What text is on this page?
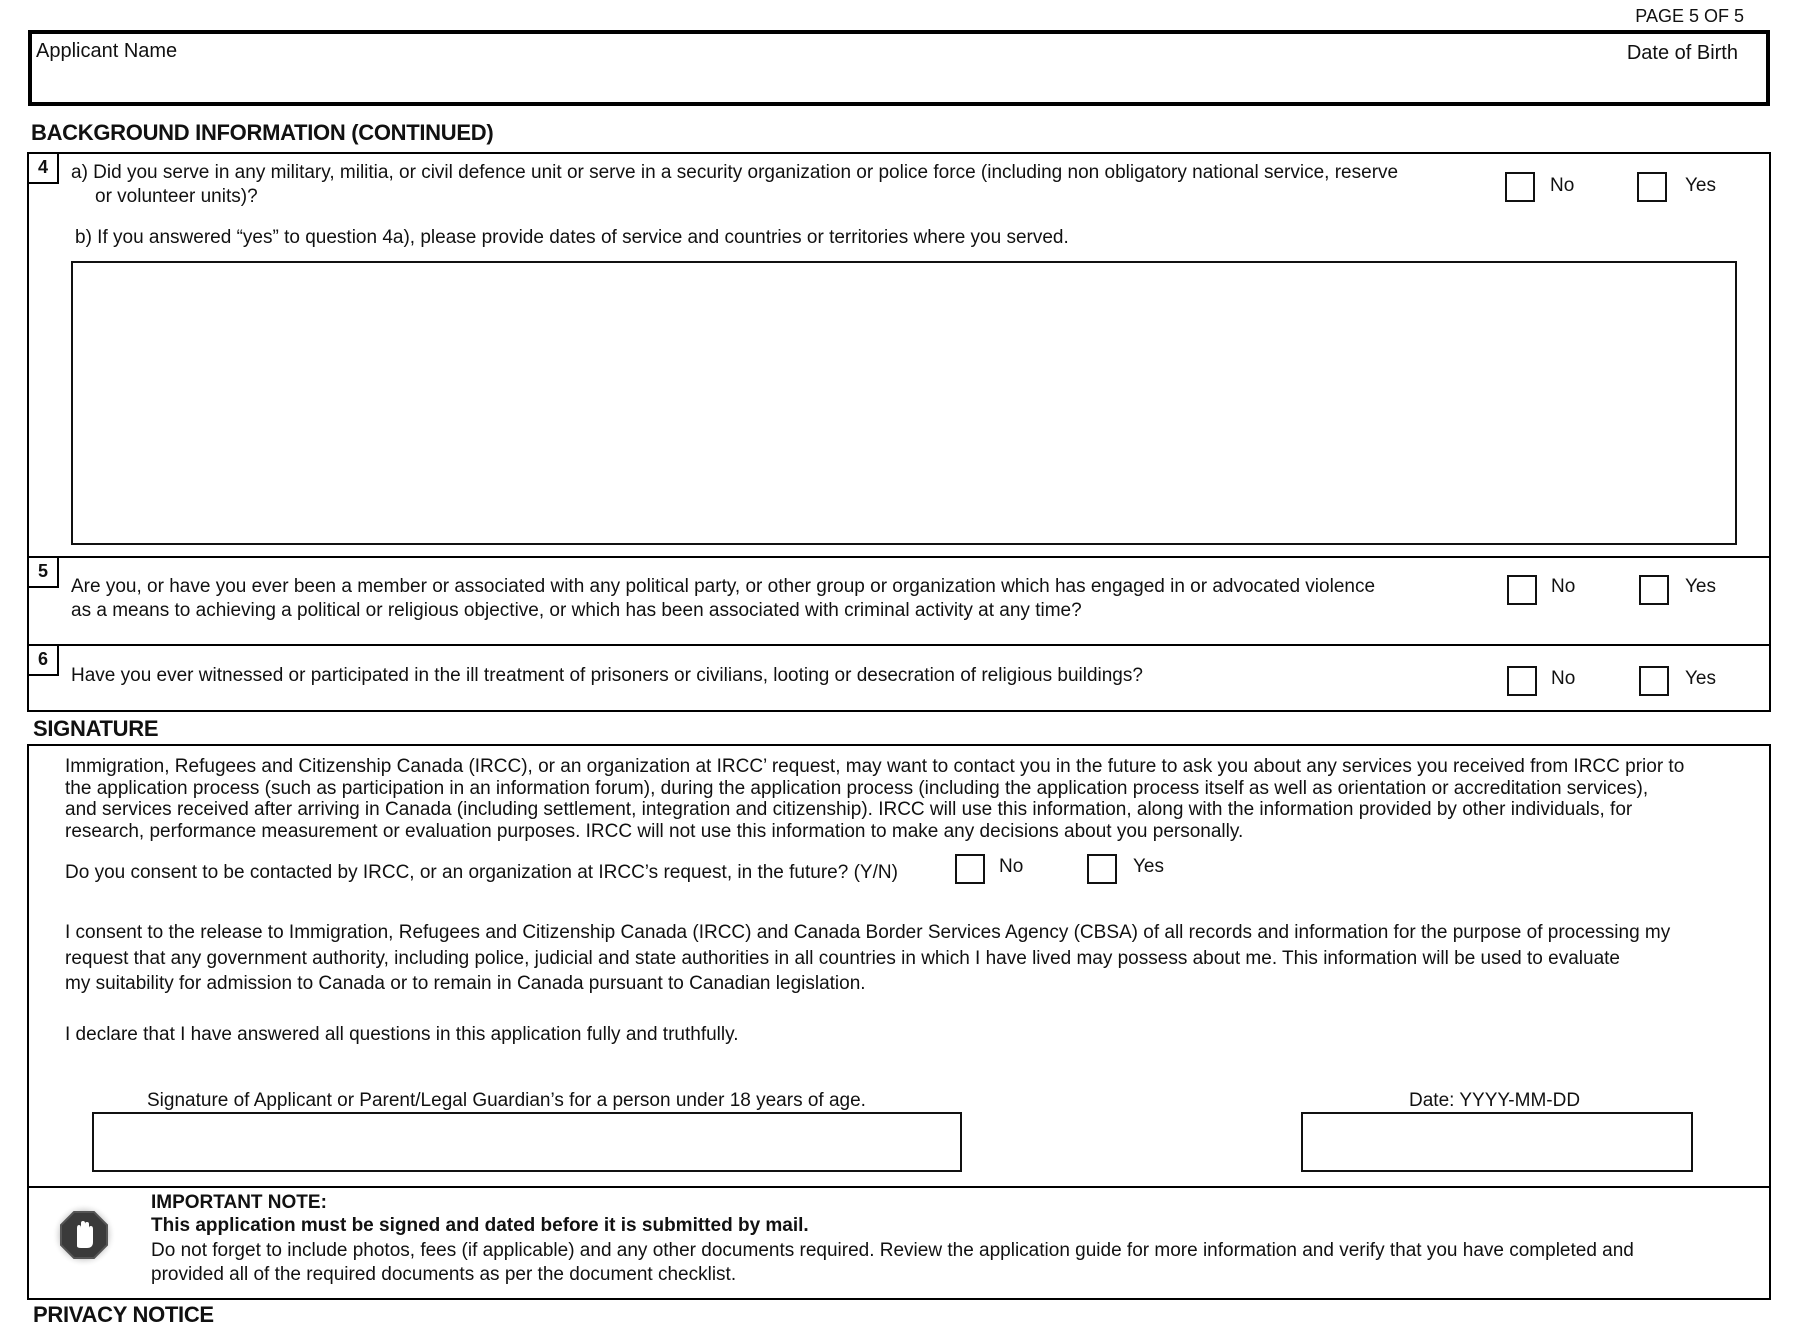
PAGE 5 OF 5
Applicant Name	Date of Birth
BACKGROUND INFORMATION (CONTINUED)
4	a) Did you serve in any military, militia, or civil defence unit or serve in a security organization or police force (including non obligatory national service, reserve
or volunteer units)?
No	Yes
b) If you answered “yes” to question 4a), please provide dates of service and countries or territories where you served.
5
Are you, or have you ever been a member or associated with any political party, or other group or organization which has engaged in or advocated violence
as a means to achieving a political or religious objective, or which has been associated with criminal activity at any time?
No	Yes
6
Have you ever witnessed or participated in the ill treatment of prisoners or civilians, looting or desecration of religious buildings?	No	Yes
SIGNATURE
Immigration, Refugees and Citizenship Canada (IRCC), or an organization at IRCC’ request, may want to contact you in the future to ask you about any services you received from IRCC prior to
the application process (such as participation in an information forum), during the application process (including the application process itself as well as orientation or accreditation services),
and services received after arriving in Canada (including settlement, integration and citizenship). IRCC will use this information, along with the information provided by other individuals, for
research, performance measurement or evaluation purposes. IRCC will not use this information to make any decisions about you personally.
Do you consent to be contacted by IRCC, or an organization at IRCC’s request, in the future? (Y/N)	No	Yes
I consent to the release to Immigration, Refugees and Citizenship Canada (IRCC) and Canada Border Services Agency (CBSA) of all records and information for the purpose of processing my
request that any government authority, including police, judicial and state authorities in all countries in which I have lived may possess about me. This information will be used to evaluate
my suitability for admission to Canada or to remain in Canada pursuant to Canadian legislation.
I declare that I have answered all questions in this application fully and truthfully.
Signature of Applicant or Parent/Legal Guardian’s for a person under 18 years of age.	Date: YYYY-MM-DD
IMPORTANT NOTE:
This application must be signed and dated before it is submitted by mail.
Do not forget to include photos, fees (if applicable) and any other documents required. Review the application guide for more information and verify that you have completed and
provided all of the required documents as per the document checklist.
PRIVACY NOTICE
